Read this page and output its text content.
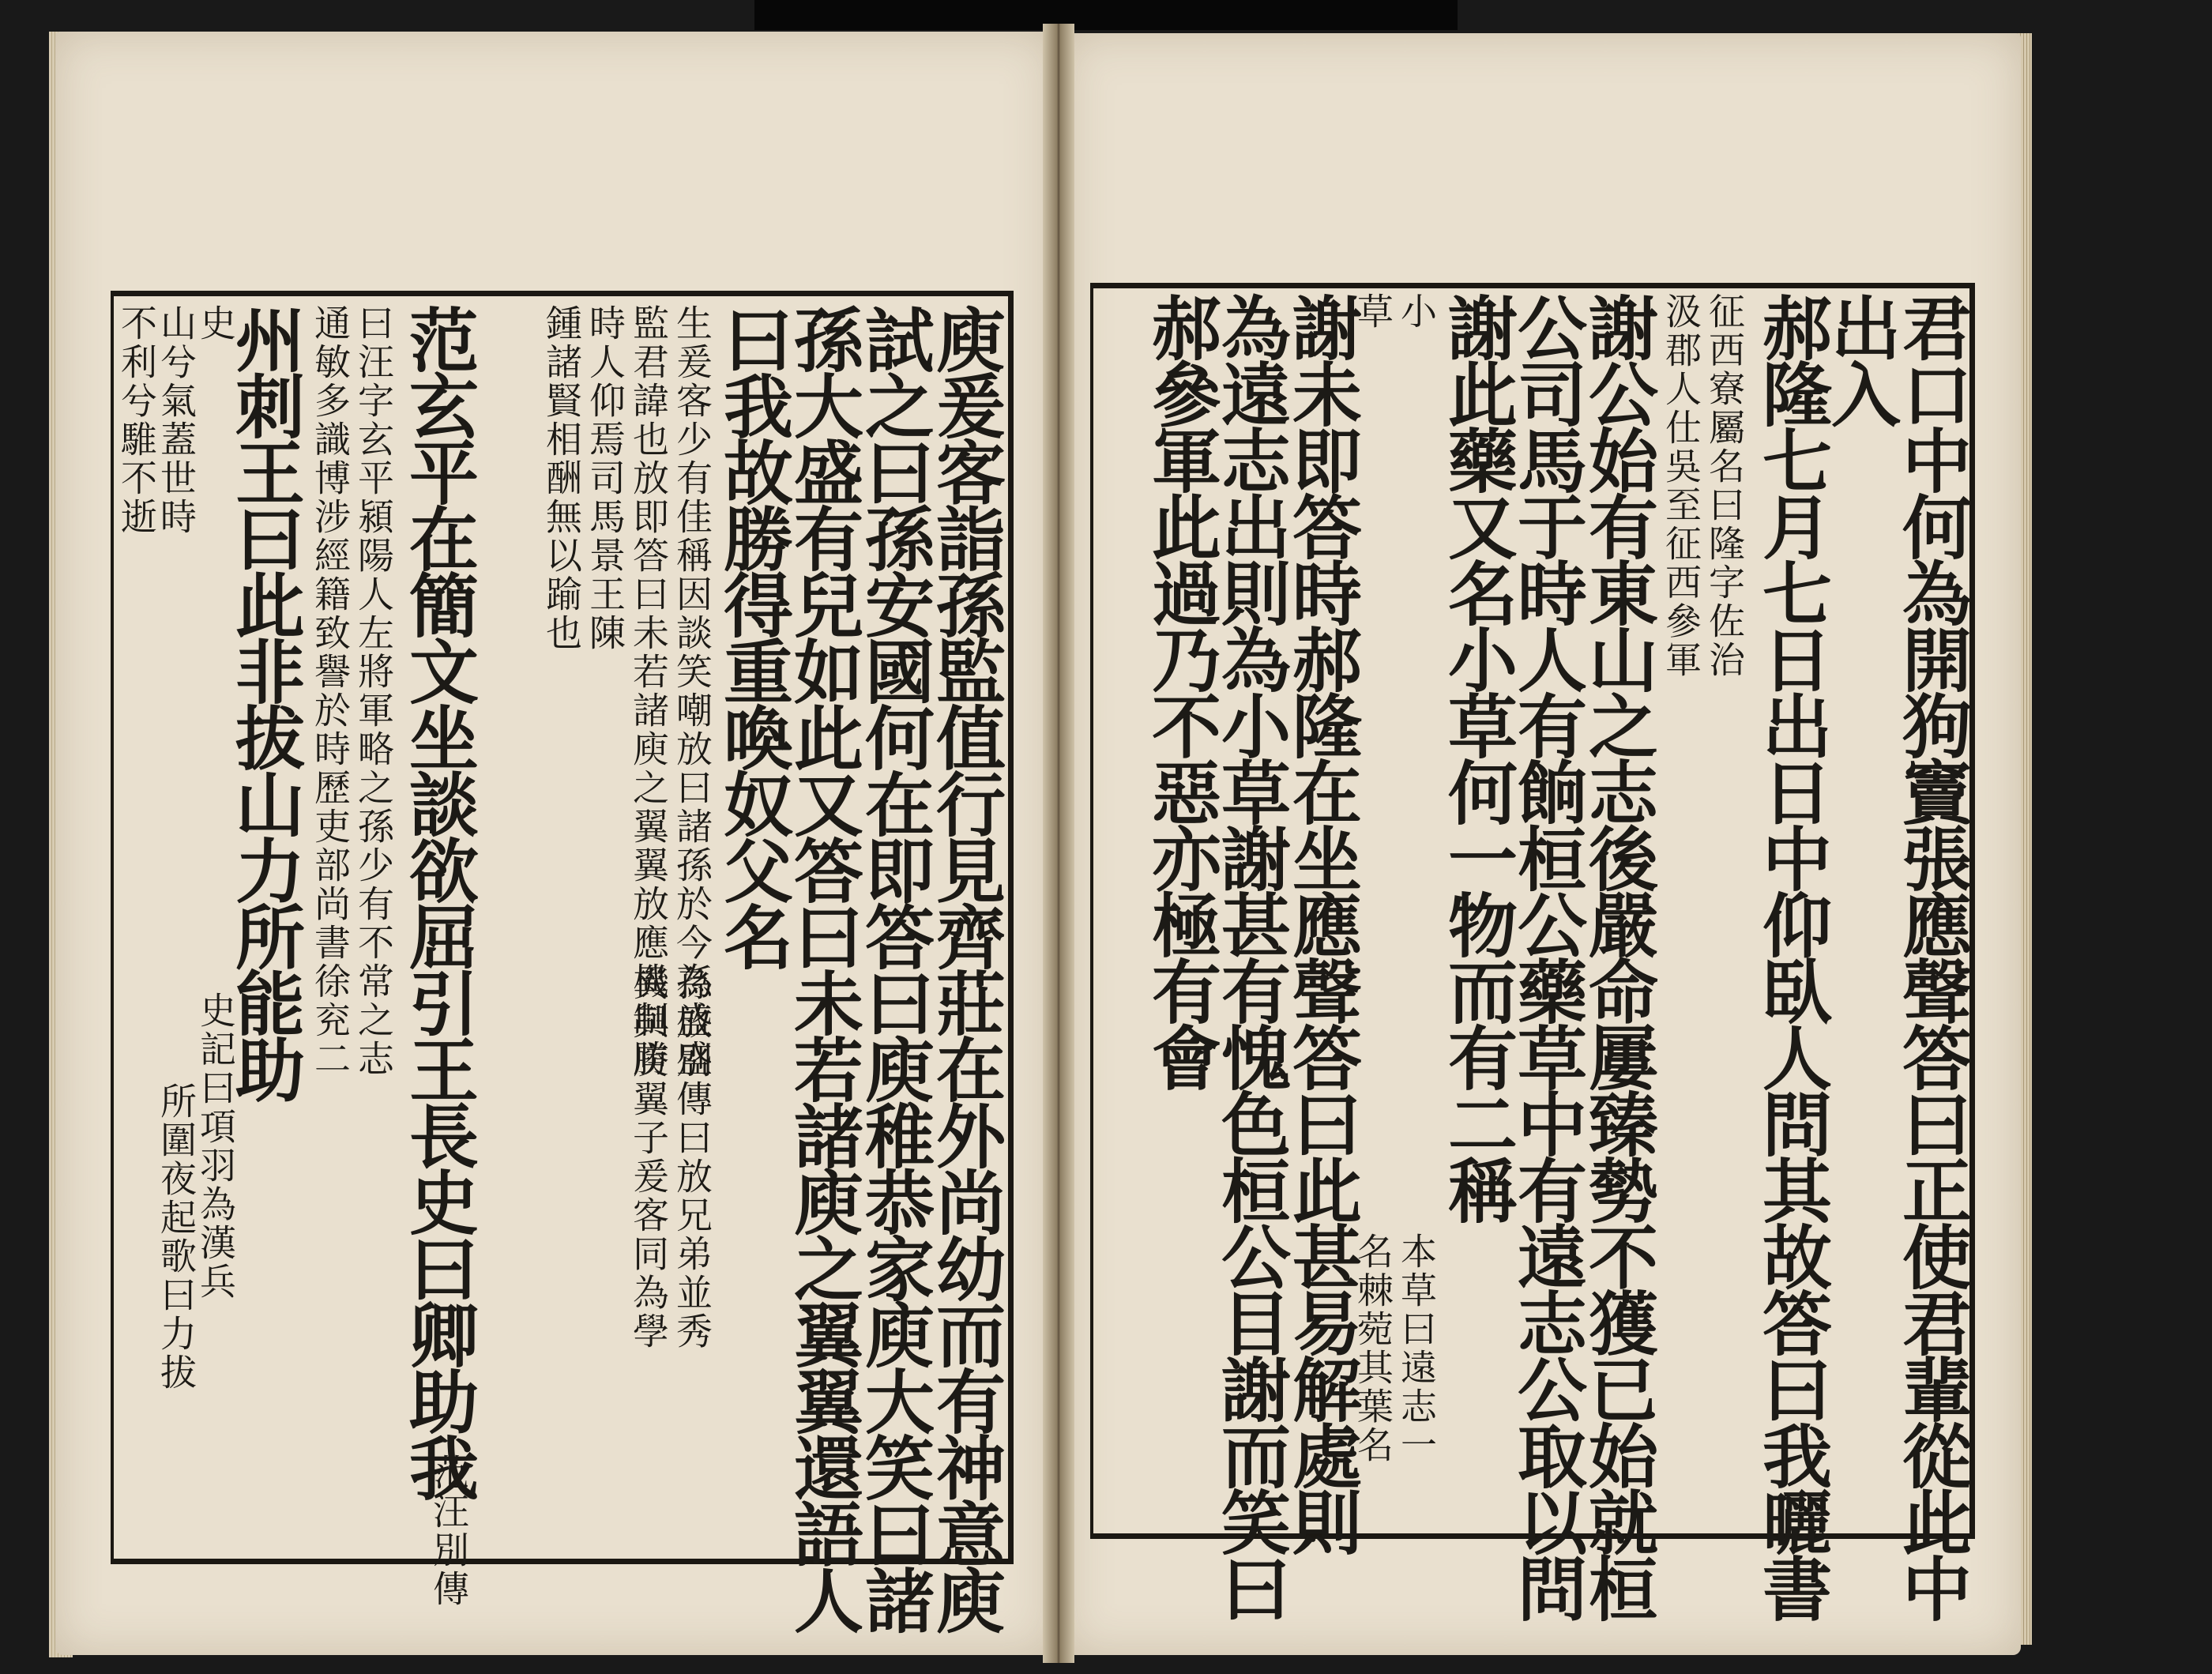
庾爰客詣孫監值行見齊莊在外尚幼而有神意庾
試之曰孫安國何在即答曰庾稚恭家庾大笑曰諸
孫大盛有兒如此又答曰未若諸庾之翼翼還語人
曰我故勝得重喚奴父名
生爰客少有佳稱因談笑嘲放曰諸孫於今為盛盛
監君諱也放即答曰未若諸庾之翼翼放應機制勝
時人仰焉司馬景王陳
鍾諸賢相酬無以踰也
孫放別傳曰放兄弟並秀
異與庾翼子爰客同為學
范玄平在簡文坐談欲屈引王長史曰卿助我
曰汪字玄平潁陽人左將軍略之孫少有不常之志
通敏多識博涉經籍致譽於時歷吏部尚書徐兖二
州刺王曰此非拔山力所能助
史
史記曰項羽為漢兵
山兮氣蓋世時
所圍夜起歌曰力拔
不利兮騅不逝
范汪別傳	君口中何為開狗竇張應聲答曰正使君輩從此中
出入
郝隆七月七日出日中仰臥人問其故答曰我曬書
征西寮屬名曰隆字佐治
汲郡人仕吳至征西參軍
謝公始有東山之志後嚴命屢臻勢不獲已始就桓
公司馬于時人有餉桓公藥草中有遠志公取以問
謝此藥又名小草何一物而有二稱
小
本草曰遠志一
草
名棘菀其葉名
謝未即答時郝隆在坐應聲答曰此甚易解處則
為遠志出則為小草謝甚有愧色桓公目謝而笑曰
郝參軍此過乃不惡亦極有會
